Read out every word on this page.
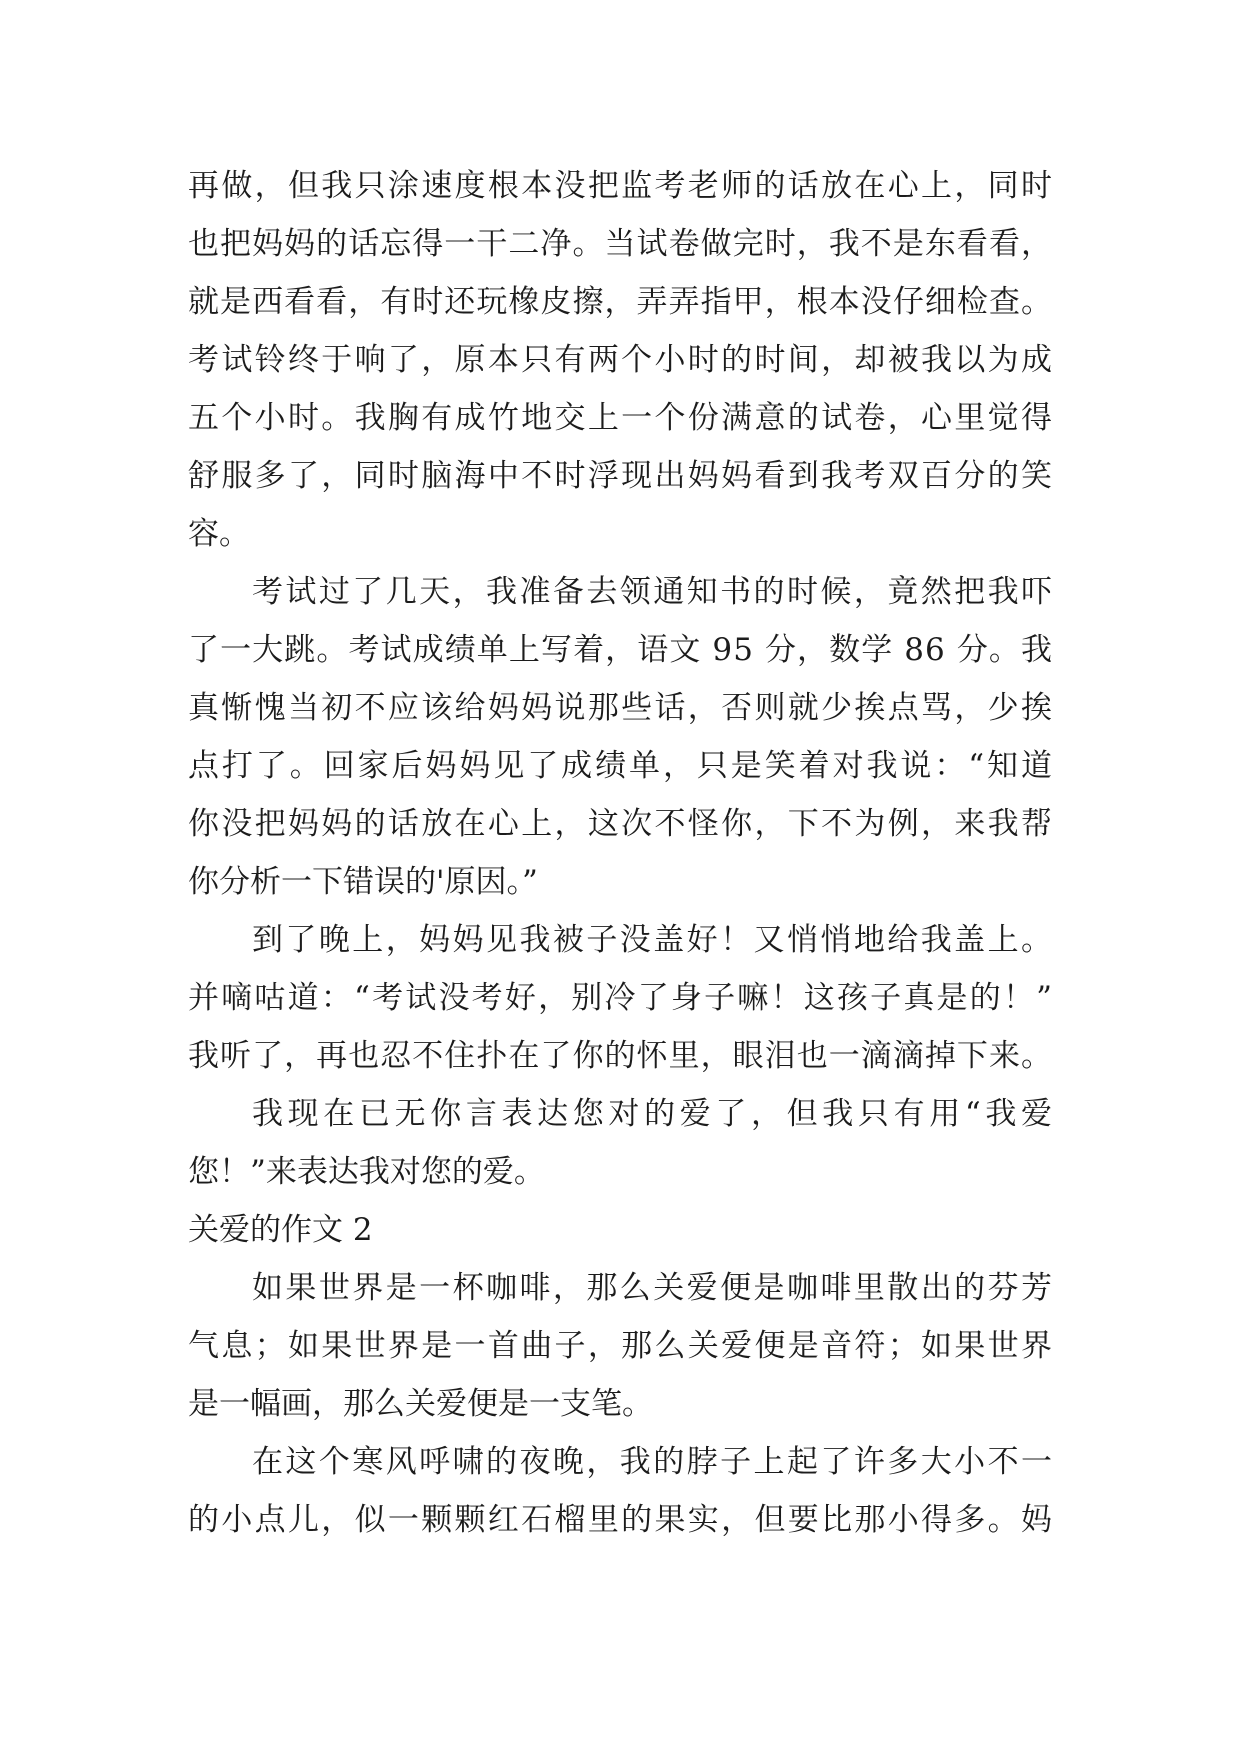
再做，但我只涂速度根本没把监考老师的话放在心上，同时
也把妈妈的话忘得一干二净。当试卷做完时，我不是东看看，
就是西看看，有时还玩橡皮擦，弄弄指甲，根本没仔细检查。
考试铃终于响了，原本只有两个小时的时间，却被我以为成
五个小时。我胸有成竹地交上一个份满意的试卷，心里觉得
舒服多了，同时脑海中不时浮现出妈妈看到我考双百分的笑
容。
考试过了几天，我准备去领通知书的时候，竟然把我吓
了一大跳。考试成绩单上写着，语文 95 分，数学 86 分。我
真惭愧当初不应该给妈妈说那些话，否则就少挨点骂，少挨
点打了。回家后妈妈见了成绩单，只是笑着对我说：“知道
你没把妈妈的话放在心上，这次不怪你，下不为例，来我帮
你分析一下错误的'原因。”
到了晚上，妈妈见我被子没盖好！又悄悄地给我盖上。
并嘀咕道：“考试没考好，别冷了身子嘛！这孩子真是的！”
我听了，再也忍不住扑在了你的怀里，眼泪也一滴滴掉下来。
我现在已无你言表达您对的爱了，但我只有用“我爱
您！”来表达我对您的爱。
关爱的作文 2
如果世界是一杯咖啡，那么关爱便是咖啡里散出的芬芳
气息；如果世界是一首曲子，那么关爱便是音符；如果世界
是一幅画，那么关爱便是一支笔。
在这个寒风呼啸的夜晚，我的脖子上起了许多大小不一
的小点儿，似一颗颗红石榴里的果实，但要比那小得多。妈
